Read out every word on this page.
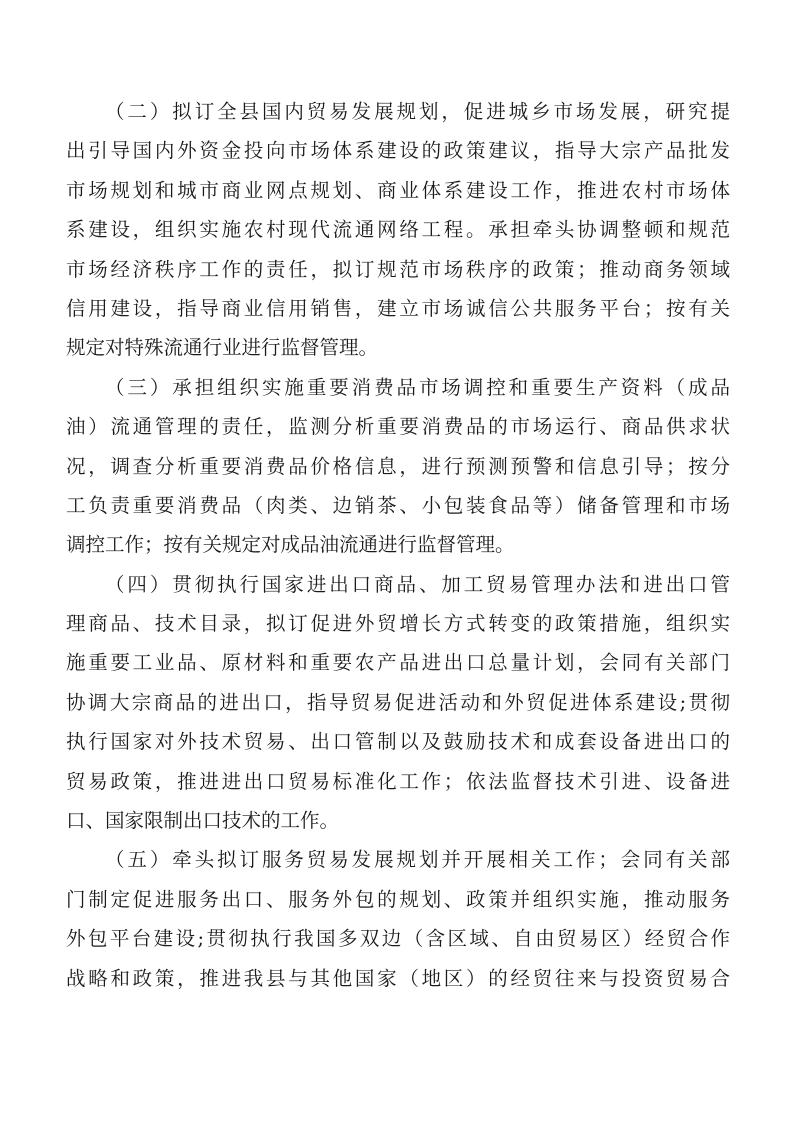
（二）拟订全县国内贸易发展规划，促进城乡市场发展，研究提
出引导国内外资金投向市场体系建设的政策建议，指导大宗产品批发
市场规划和城市商业网点规划、商业体系建设工作，推进农村市场体
系建设，组织实施农村现代流通网络工程。承担牵头协调整顿和规范
市场经济秩序工作的责任，拟订规范市场秩序的政策；推动商务领域
信用建设，指导商业信用销售，建立市场诚信公共服务平台；按有关
规定对特殊流通行业进行监督管理。
（三）承担组织实施重要消费品市场调控和重要生产资料（成品
油）流通管理的责任，监测分析重要消费品的市场运行、商品供求状
况，调查分析重要消费品价格信息，进行预测预警和信息引导；按分
工负责重要消费品（肉类、边销茶、小包装食品等）储备管理和市场
调控工作；按有关规定对成品油流通进行监督管理。
（四）贯彻执行国家进出口商品、加工贸易管理办法和进出口管
理商品、技术目录，拟订促进外贸增长方式转变的政策措施，组织实
施重要工业品、原材料和重要农产品进出口总量计划，会同有关部门
协调大宗商品的进出口，指导贸易促进活动和外贸促进体系建设;贯彻
执行国家对外技术贸易、出口管制以及鼓励技术和成套设备进出口的
贸易政策，推进进出口贸易标准化工作；依法监督技术引进、设备进
口、国家限制出口技术的工作。
（五）牵头拟订服务贸易发展规划并开展相关工作；会同有关部
门制定促进服务出口、服务外包的规划、政策并组织实施，推动服务
外包平台建设;贯彻执行我国多双边（含区域、自由贸易区）经贸合作
战略和政策，推进我县与其他国家（地区）的经贸往来与投资贸易合
